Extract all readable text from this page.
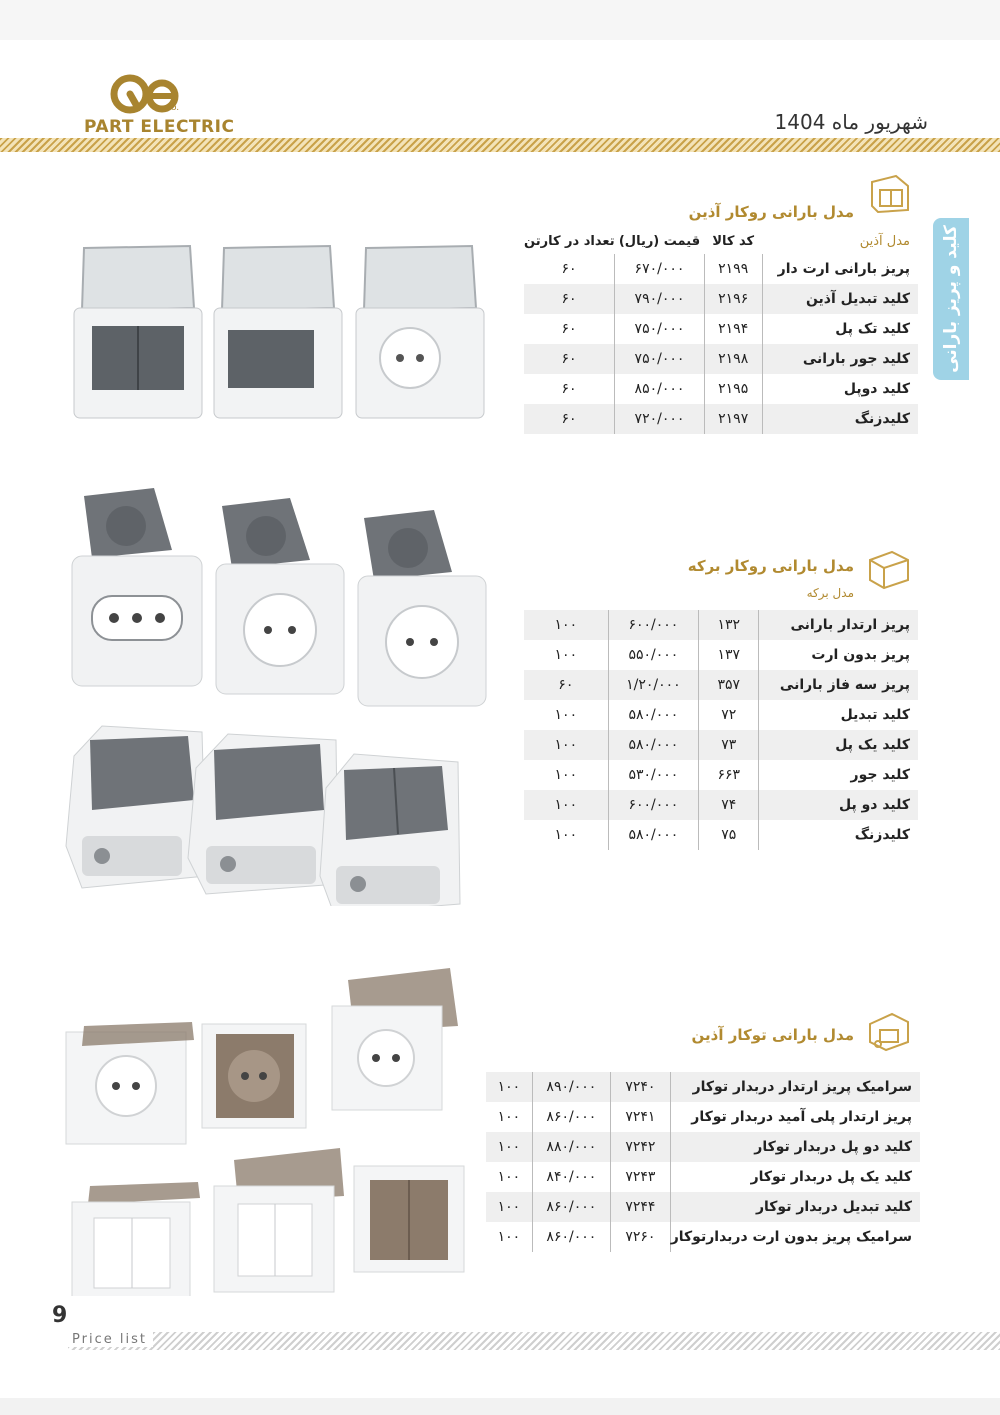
co.
PART ELECTRIC	شهریور ماه 1404
کلید و پریز بارانی
مدل بارانی روکار آذین
مدل آذین	کد کالا	قیمت (ریال)	تعداد در کارتن
پریز بارانی ارت دار	۲۱۹۹	۶۷۰/۰۰۰	۶۰
کلید تبدیل آذین	۲۱۹۶	۷۹۰/۰۰۰	۶۰
کلید تک پل	۲۱۹۴	۷۵۰/۰۰۰	۶۰
کلید جور بارانی	۲۱۹۸	۷۵۰/۰۰۰	۶۰
کلید دوپل	۲۱۹۵	۸۵۰/۰۰۰	۶۰
کلیدزنگ	۲۱۹۷	۷۲۰/۰۰۰	۶۰
مدل بارانی روکار برکه
مدل برکه
پریز ارتدار بارانی	۱۳۲	۶۰۰/۰۰۰	۱۰۰
پریز بدون ارت	۱۳۷	۵۵۰/۰۰۰	۱۰۰
پریز سه فاز بارانی	۳۵۷	۱/۲۰/۰۰۰	۶۰
کلید تبدیل	۷۲	۵۸۰/۰۰۰	۱۰۰
کلید یک پل	۷۳	۵۸۰/۰۰۰	۱۰۰
کلید جور	۶۶۳	۵۳۰/۰۰۰	۱۰۰
کلید دو پل	۷۴	۶۰۰/۰۰۰	۱۰۰
کلیدزنگ	۷۵	۵۸۰/۰۰۰	۱۰۰
مدل بارانی توکار آذین
سرامیک پریز ارتدار دربدار توکار	۷۲۴۰	۸۹۰/۰۰۰	۱۰۰
پریز ارتدار پلی آمید دربدار توکار	۷۲۴۱	۸۶۰/۰۰۰	۱۰۰
کلید دو پل دربدار توکار	۷۲۴۲	۸۸۰/۰۰۰	۱۰۰
کلید یک پل دربدار توکار	۷۲۴۳	۸۴۰/۰۰۰	۱۰۰
کلید تبدیل دربدار توکار	۷۲۴۴	۸۶۰/۰۰۰	۱۰۰
سرامیک پریز بدون ارت دربدارتوکار	۷۲۶۰	۸۶۰/۰۰۰	۱۰۰
9
Price list
